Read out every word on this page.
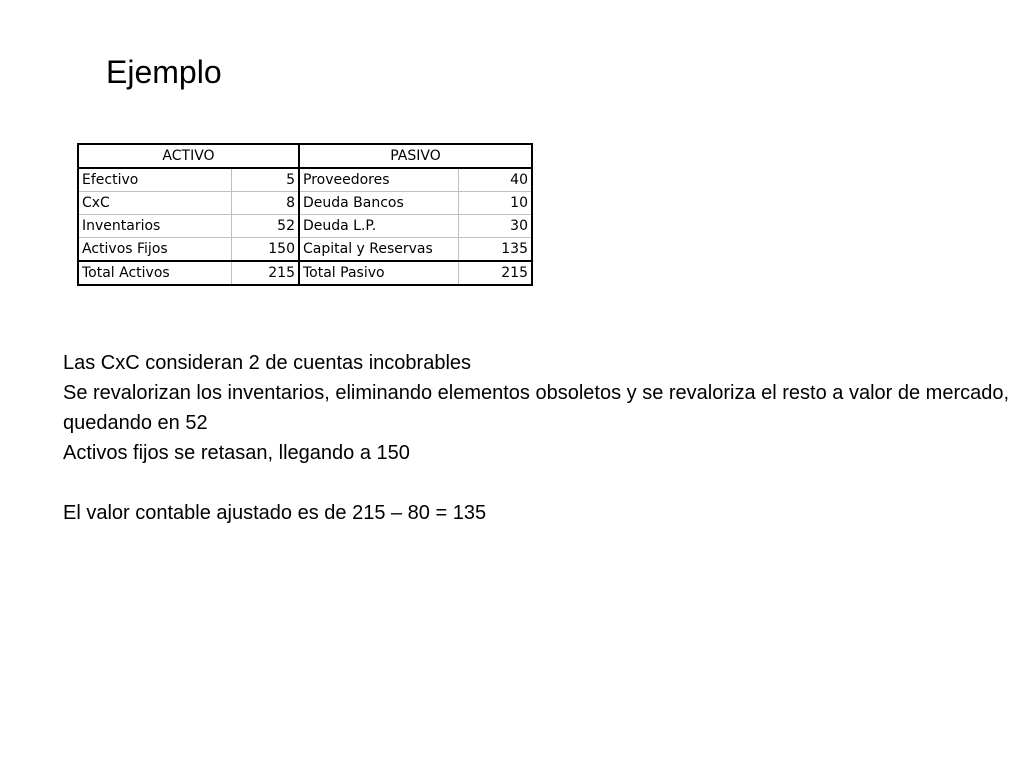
Ejemplo
ACTIVO		PASIVO	
Efectivo	5	Proveedores	40
CxC	8	Deuda Bancos	10
Inventarios	52	Deuda L.P.	30
Activos Fijos	150	Capital y Reservas	135
Total Activos	215	Total Pasivo	215

Las CxC consideran 2 de cuentas incobrables

Se revalorizan los inventarios, eliminando elementos obsoletos y se revaloriza el resto a valor de mercado, quedando en 52

Activos fijos se retasan, llegando a 150

El valor contable ajustado es de 215 – 80 = 135
